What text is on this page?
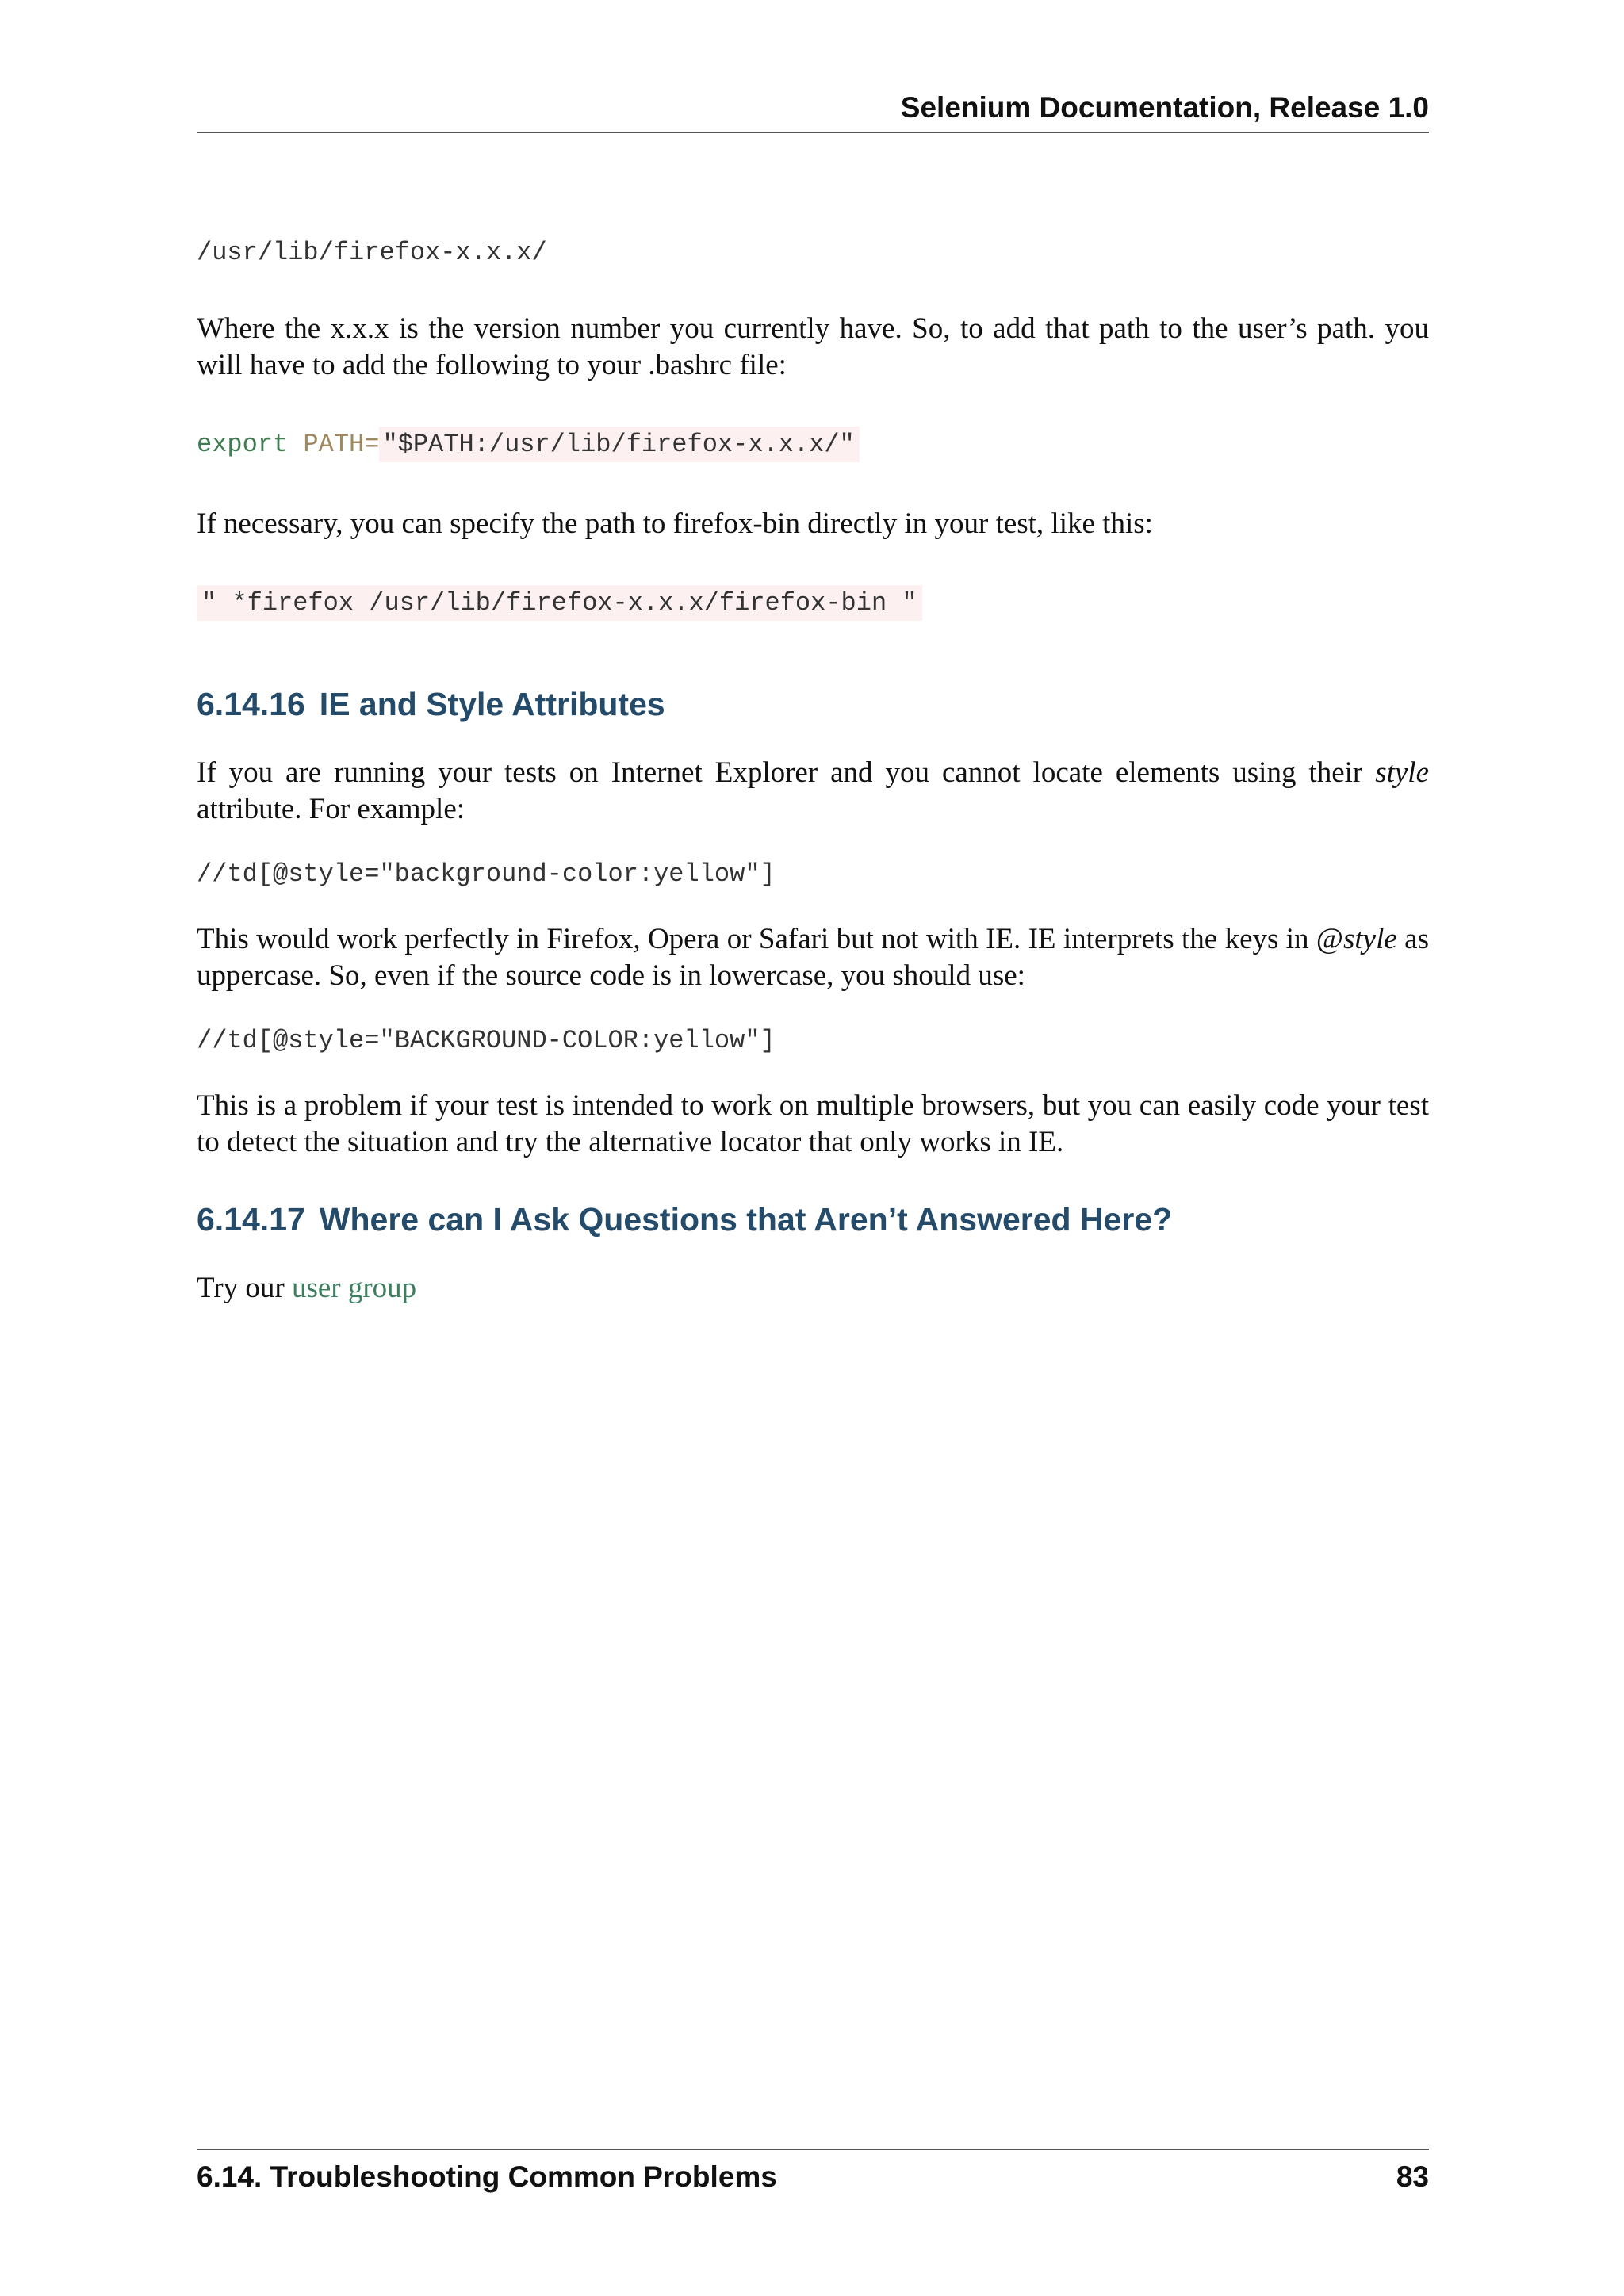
Selenium Documentation, Release 1.0
/usr/lib/firefox-x.x.x/

Where the x.x.x is the version number you currently have. So, to add that path to the user’s path. you will have to add the following to your .bashrc file:

export PATH= "$PATH:/usr/lib/firefox-x.x.x/"

If necessary, you can specify the path to firefox-bin directly in your test, like this:

" *firefox /usr/lib/firefox-x.x.x/firefox-bin "
6.14.16 IE and Style Attributes

If you are running your tests on Internet Explorer and you cannot locate elements using their style attribute. For example:

//td[@style="background-color:yellow"]

This would work perfectly in Firefox, Opera or Safari but not with IE. IE interprets the keys in @style as uppercase. So, even if the source code is in lowercase, you should use:

//td[@style="BACKGROUND-COLOR:yellow"]

This is a problem if your test is intended to work on multiple browsers, but you can easily code your test to detect the situation and try the alternative locator that only works in IE.

6.14.17 Where can I Ask Questions that Aren’t Answered Here?

Try our user group

6.14. Troubleshooting Common Problems	83
